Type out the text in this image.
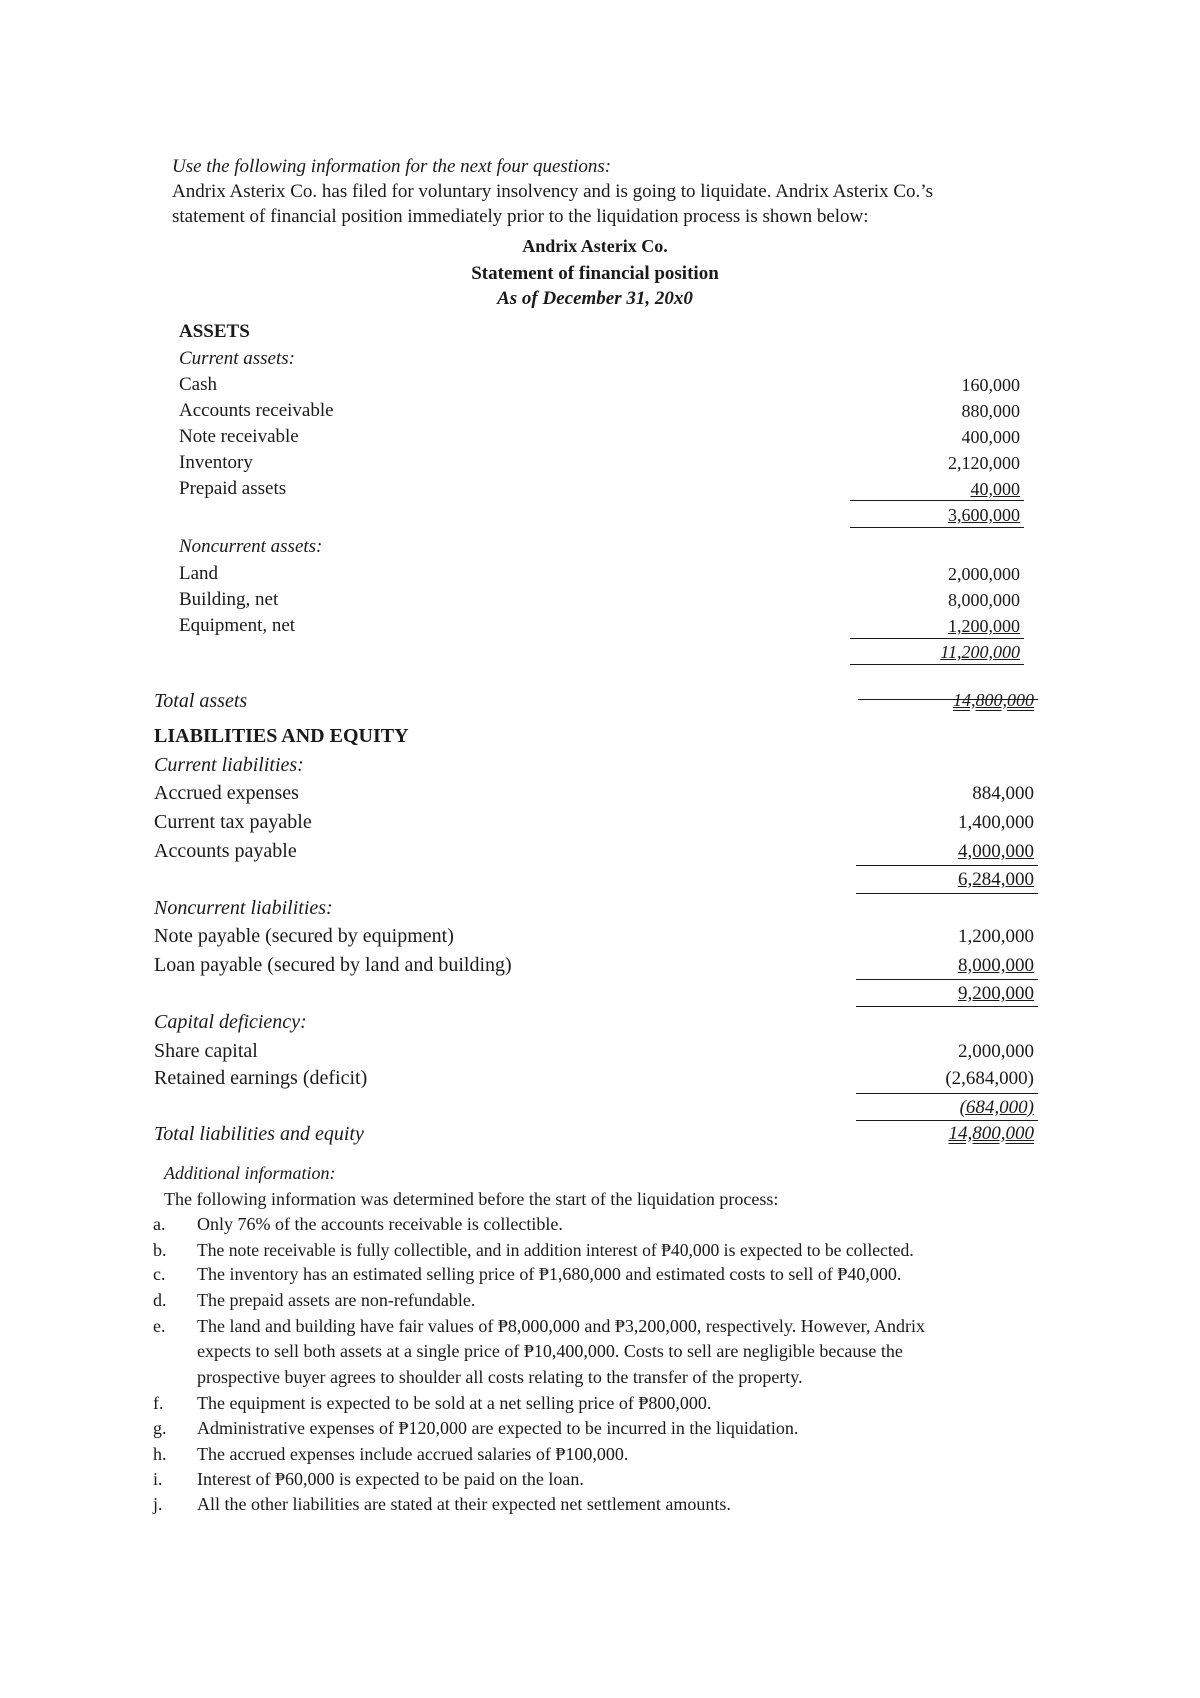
Use the following information for the next four questions:
Andrix Asterix Co. has filed for voluntary insolvency and is going to liquidate. Andrix Asterix Co.’s
statement of financial position immediately prior to the liquidation process is shown below:
Andrix Asterix Co.
Statement of financial position
As of December 31, 20x0
ASSETS
Current assets:
Cash	160,000
Accounts receivable	880,000
Note receivable	400,000
Inventory	2,120,000
Prepaid assets	40,000
3,600,000
Noncurrent assets:
Land	2,000,000
Building, net	8,000,000
Equipment, net	1,200,000
11,200,000
Total assets	14,800,000
LIABILITIES AND EQUITY
Current liabilities:
Accrued expenses	884,000
Current tax payable	1,400,000
Accounts payable	4,000,000
6,284,000
Noncurrent liabilities:
Note payable (secured by equipment)	1,200,000
Loan payable (secured by land and building)	8,000,000
9,200,000
Capital deficiency:
Share capital	2,000,000
Retained earnings (deficit)	(2,684,000)
(684,000)
Total liabilities and equity	14,800,000
Additional information:
The following information was determined before the start of the liquidation process:
a. Only 76% of the accounts receivable is collectible.
b. The note receivable is fully collectible, and in addition interest of ₱40,000 is expected to be collected.
c. The inventory has an estimated selling price of ₱1,680,000 and estimated costs to sell of ₱40,000.
d. The prepaid assets are non-refundable.
e. The land and building have fair values of ₱8,000,000 and ₱3,200,000, respectively. However, Andrix
expects to sell both assets at a single price of ₱10,400,000. Costs to sell are negligible because the
prospective buyer agrees to shoulder all costs relating to the transfer of the property.
f. The equipment is expected to be sold at a net selling price of ₱800,000.
g. Administrative expenses of ₱120,000 are expected to be incurred in the liquidation.
h. The accrued expenses include accrued salaries of ₱100,000.
i. Interest of ₱60,000 is expected to be paid on the loan.
j. All the other liabilities are stated at their expected net settlement amounts.
